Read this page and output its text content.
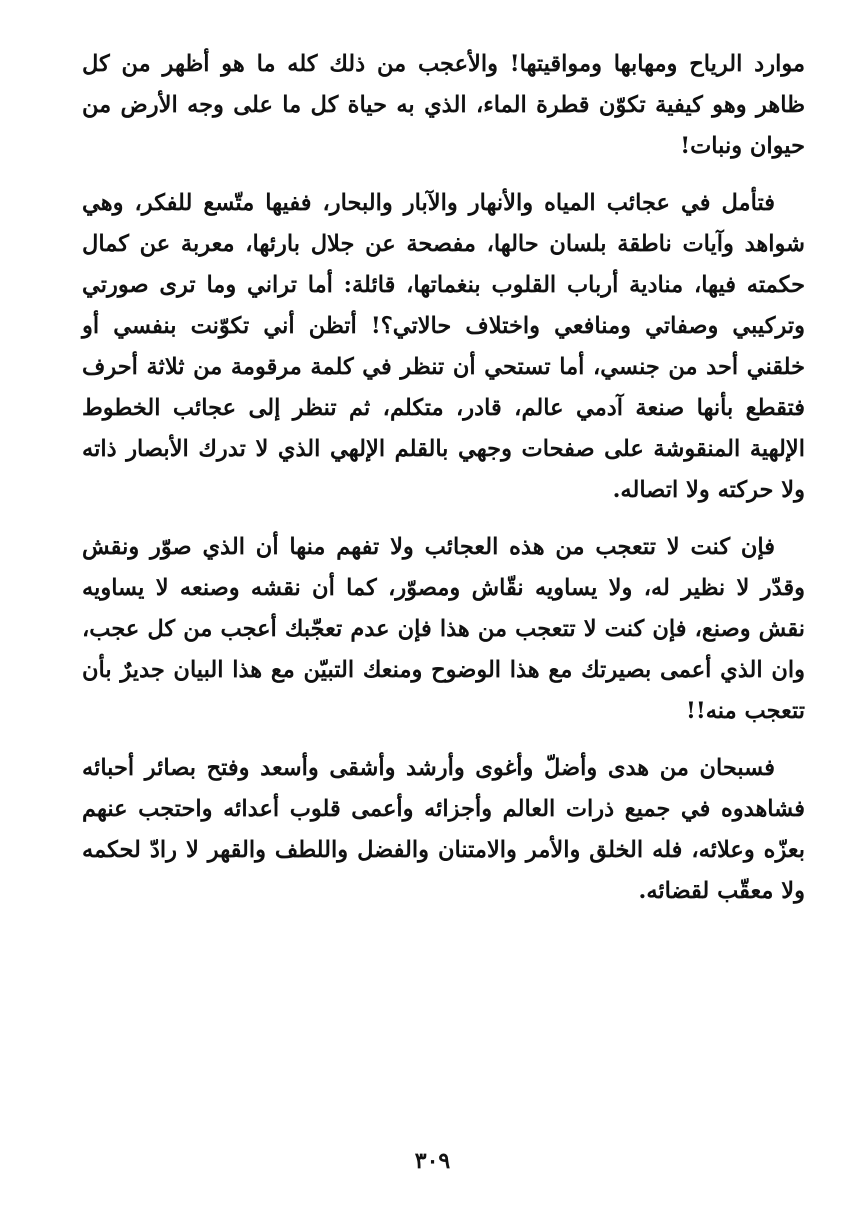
موارد الرياح ومهابها ومواقيتها! والأعجب من ذلك كله ما هو أظهر من كل ظاهر وهو كيفية تكوّن قطرة الماء، الذي به حياة كل ما على وجه الأرض من حيوان ونبات!

فتأمل في عجائب المياه والأنهار والآبار والبحار، ففيها متّسع للفكر، وهي شواهد وآيات ناطقة بلسان حالها، مفصحة عن جلال بارئها، معربة عن كمال حكمته فيها، منادية أرباب القلوب بنغماتها، قائلة: أما تراني وما ترى صورتي وتركيبي وصفاتي ومنافعي واختلاف حالاتي؟! أتظن أني تكوّنت بنفسي أو خلقني أحد من جنسي، أما تستحي أن تنظر في كلمة مرقومة من ثلاثة أحرف فتقطع بأنها صنعة آدمي عالم، قادر، متكلم، ثم تنظر إلى عجائب الخطوط الإلهية المنقوشة على صفحات وجهي بالقلم الإلهي الذي لا تدرك الأبصار ذاته ولا حركته ولا اتصاله.

فإن كنت لا تتعجب من هذه العجائب ولا تفهم منها أن الذي صوّر ونقش وقدّر لا نظير له، ولا يساويه نقّاش ومصوّر، كما أن نقشه وصنعه لا يساويه نقش وصنع، فإن كنت لا تتعجب من هذا فإن عدم تعجّبك أعجب من كل عجب، وان الذي أعمى بصيرتك مع هذا الوضوح ومنعك التبيّن مع هذا البيان جديرٌ بأن تتعجب منه!!

فسبحان من هدى وأضلّ وأغوى وأرشد وأشقى وأسعد وفتح بصائر أحبائه فشاهدوه في جميع ذرات العالم وأجزائه وأعمى قلوب أعدائه واحتجب عنهم بعزّه وعلائه، فله الخلق والأمر والامتنان والفضل واللطف والقهر لا رادّ لحكمه ولا معقّب لقضائه.

٣٠٩
